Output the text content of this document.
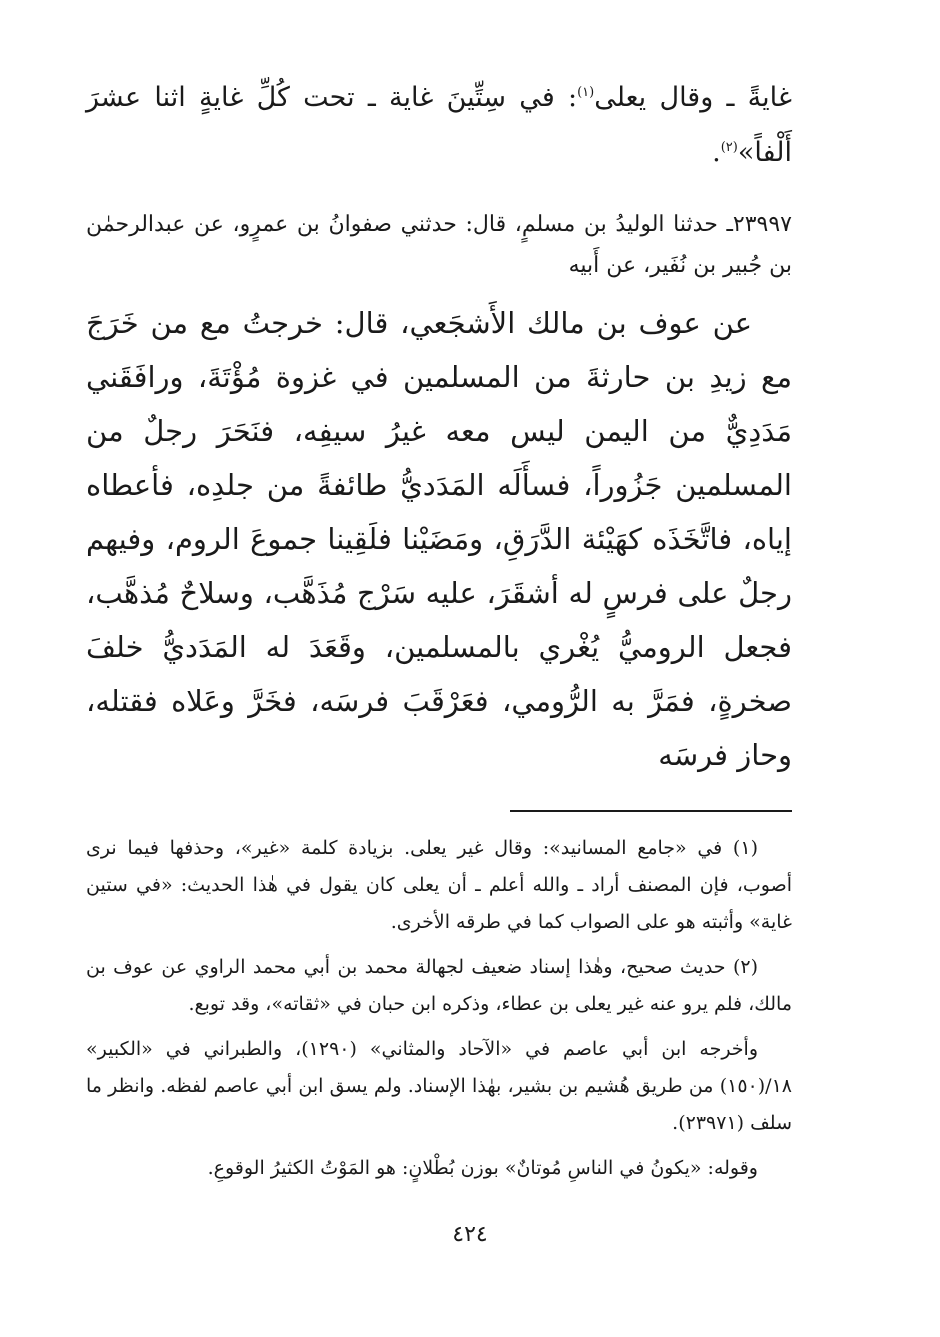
غايةً ـ وقال يعلى$^{(١)}$: في سِتِّينَ غاية ـ تحت كُلِّ غايةٍ اثنا عشرَ أَلْفاً»$^{(٢)}$.

٢٣٩٩٧ـ حدثنا الوليدُ بن مسلمٍ، قال: حدثني صفوانُ بن عمرٍو، عن عبدالرحمٰن بن جُبير بن نُفَير، عن أَبيه

عن عوف بن مالك الأَشجَعي، قال: خرجتُ مع من خَرَجَ مع زيدِ بن حارثةَ من المسلمين في غزوة مُؤْتَةَ، ورافَقَني مَدَدِيٌّ من اليمن ليس معه غيرُ سيفِه، فنَحَرَ رجلٌ من المسلمين جَزُوراً، فسأَلَه المَدَديُّ طائفةً من جلدِه، فأعطاه إياه، فاتَّخَذَه كهَيْئة الدَّرَقِ، ومَضَيْنا فلَقِينا جموعَ الروم، وفيهم رجلٌ على فرسٍ له أشقَرَ، عليه سَرْج مُذَهَّب، وسلاحٌ مُذهَّب، فجعل الروميُّ يُغْري بالمسلمين، وقَعَدَ له المَدَديُّ خلفَ صخرةٍ، فمَرَّ به الرُّومي، فعَرْقَبَ فرسَه، فخَرَّ وعَلاه فقتله، وحاز فرسَه

(١) في «جامع المسانيد»: وقال غير يعلى. بزيادة كلمة «غير»، وحذفها فيما نرى أصوب، فإن المصنف أراد ـ والله أعلم ـ أن يعلى كان يقول في هٰذا الحديث: «في ستين غاية» وأثبته هو على الصواب كما في طرقه الأخرى.

(٢) حديث صحيح، وهٰذا إسناد ضعيف لجهالة محمد بن أبي محمد الراوي عن عوف بن مالك، فلم يرو عنه غير يعلى بن عطاء، وذكره ابن حبان في «ثقاته»، وقد توبع.

وأخرجه ابن أبي عاصم في «الآحاد والمثاني» (١٢٩٠)، والطبراني في «الكبير» ١٨/(١٥٠) من طريق هُشيم بن بشير، بهٰذا الإسناد. ولم يسق ابن أبي عاصم لفظه. وانظر ما سلف (٢٣٩٧١).

وقوله: «يكونُ في الناسِ مُوتانٌ» بوزن بُطْلانٍ: هو المَوْتُ الكثيرُ الوقوعِ.

٤٢٤
